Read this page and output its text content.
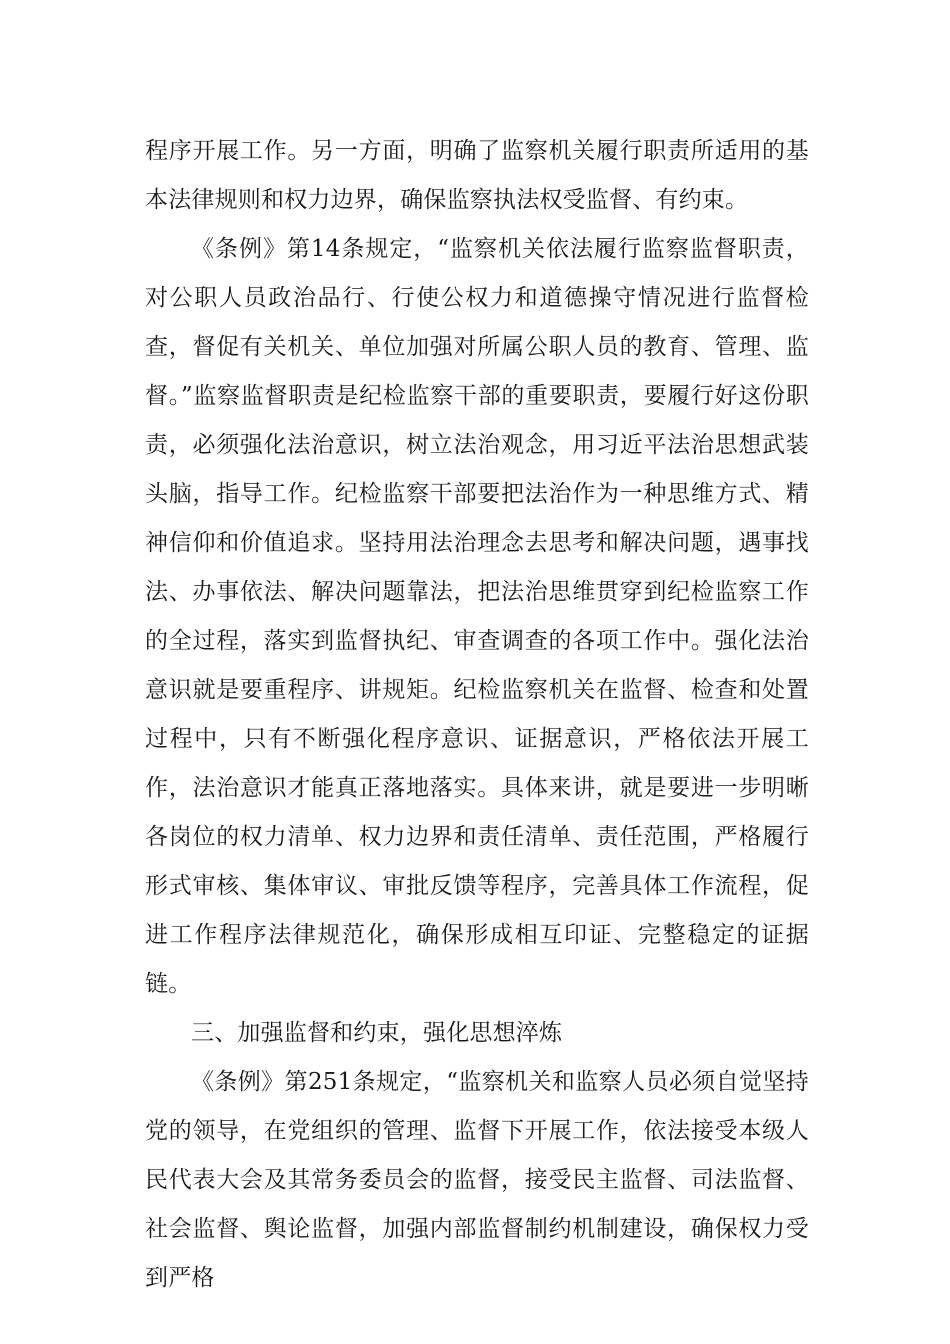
程序开展工作。另一方面，明确了监察机关履行职责所适用的基本法律规则和权力边界，确保监察执法权受监督、有约束。

《条例》第14条规定，“监察机关依法履行监察监督职责，对公职人员政治品行、行使公权力和道德操守情况进行监督检查，督促有关机关、单位加强对所属公职人员的教育、管理、监督。”监察监督职责是纪检监察干部的重要职责，要履行好这份职责，必须强化法治意识，树立法治观念，用习近平法治思想武装头脑，指导工作。纪检监察干部要把法治作为一种思维方式、精神信仰和价值追求。坚持用法治理念去思考和解决问题，遇事找法、办事依法、解决问题靠法，把法治思维贯穿到纪检监察工作的全过程，落实到监督执纪、审查调查的各项工作中。强化法治意识就是要重程序、讲规矩。纪检监察机关在监督、检查和处置过程中，只有不断强化程序意识、证据意识，严格依法开展工作，法治意识才能真正落地落实。具体来讲，就是要进一步明晰各岗位的权力清单、权力边界和责任清单、责任范围，严格履行形式审核、集体审议、审批反馈等程序，完善具体工作流程，促进工作程序法律规范化，确保形成相互印证、完整稳定的证据链。

三、加强监督和约束，强化思想淬炼

《条例》第251条规定，“监察机关和监察人员必须自觉坚持党的领导，在党组织的管理、监督下开展工作，依法接受本级人民代表大会及其常务委员会的监督，接受民主监督、司法监督、社会监督、舆论监督，加强内部监督制约机制建设，确保权力受到严格
